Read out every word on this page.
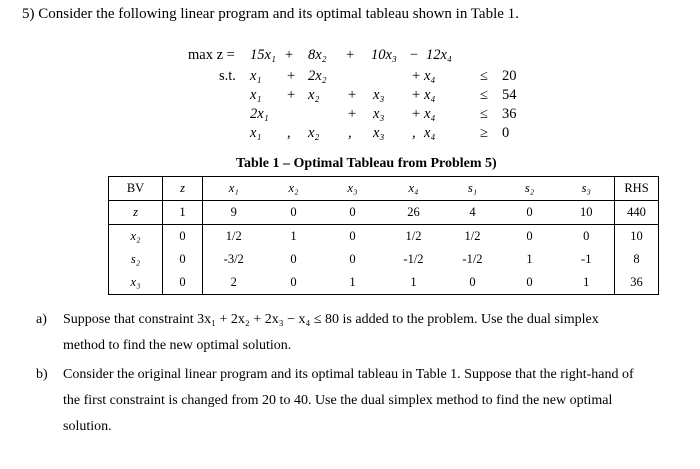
5) Consider the following linear program and its optimal tableau shown in Table 1.
max z =
s.t.
15x₁ + 8x₂ + 10x₃ − 12x₄
x₁ + 2x₂	+ x₄	≤ 20
x₁ + x₂ + x₃ + x₄	≤ 54
2x₁	+ x₃ + x₄	≤ 36
x₁ , x₂ , x₃ , x₄	≥ 0
Table 1 – Optimal Tableau from Problem 5)
BV	z	x₁	x₂	x₃	x₄	s₁	s₂	s₃	RHS
z	1	9	0	0	26	4	0	10	440
x₂	0	1/2	1	0	1/2	1/2	0	0	10
s₂	0	-3/2	0	0	-1/2	-1/2	1	-1	8
x₃	0	2	0	1	1	0	0	1	36
a) Suppose that constraint 3x₁ + 2x₂ + 2x₃ − x₄ ≤ 80 is added to the problem. Use the dual simplex
method to find the new optimal solution.
b) Consider the original linear program and its optimal tableau in Table 1. Suppose that the right-hand of
the first constraint is changed from 20 to 40. Use the dual simplex method to find the new optimal
solution.
